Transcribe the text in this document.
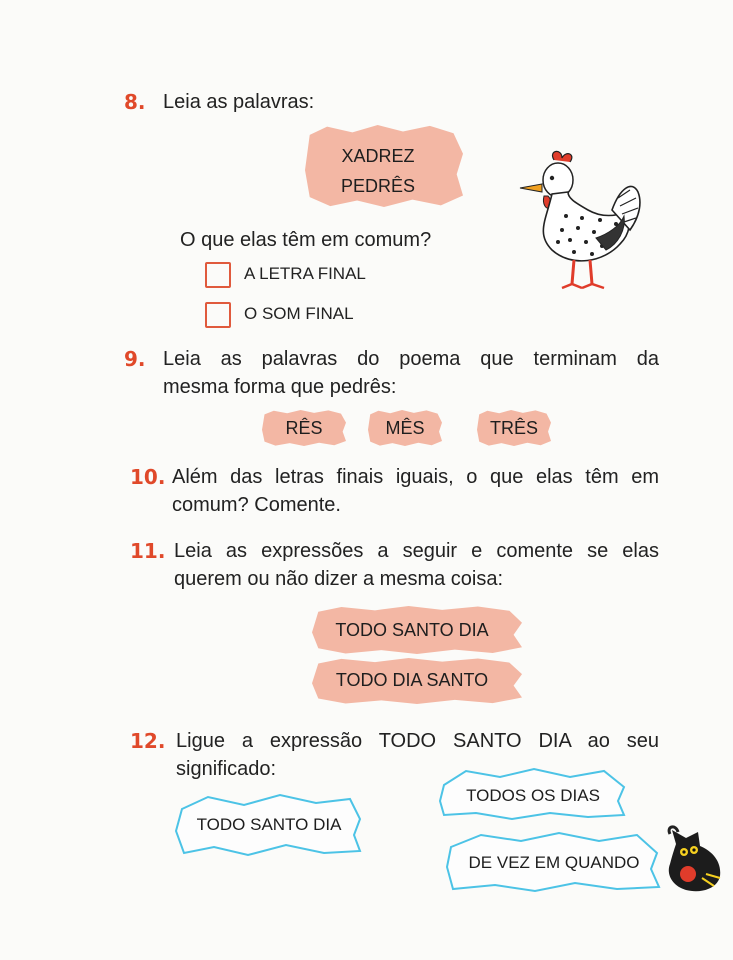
8. Leia as palavras:
XADREZ
PEDRÊS
O que elas têm em comum?
A LETRA FINAL
O SOM FINAL
9. Leia as palavras do poema que terminam da
mesma forma que pedrês:
RÊS	MÊS	TRÊS
10. Além das letras finais iguais, o que elas têm em
comum? Comente.
11. Leia as expressões a seguir e comente se elas
querem ou não dizer a mesma coisa:
TODO SANTO DIA
TODO DIA SANTO
12. Ligue a expressão TODO SANTO DIA ao seu
significado:
TODOS OS DIAS
TODO SANTO DIA
DE VEZ EM QUANDO
